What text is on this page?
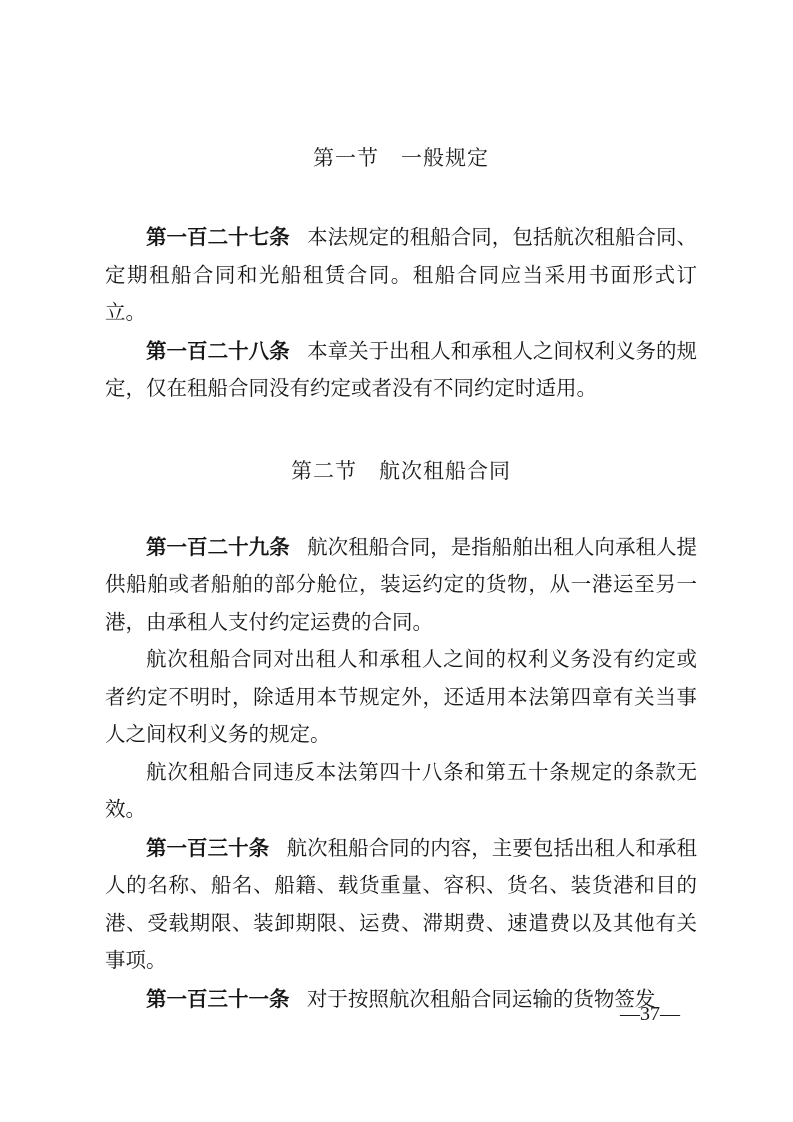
第一节　一般规定

第一百二十七条 本法规定的租船合同，包括航次租船合同、定期租船合同和光船租赁合同。租船合同应当采用书面形式订立。

第一百二十八条 本章关于出租人和承租人之间权利义务的规定，仅在租船合同没有约定或者没有不同约定时适用。

第二节　航次租船合同

第一百二十九条 航次租船合同，是指船舶出租人向承租人提供船舶或者船舶的部分舱位，装运约定的货物，从一港运至另一港，由承租人支付约定运费的合同。

航次租船合同对出租人和承租人之间的权利义务没有约定或者约定不明时，除适用本节规定外，还适用本法第四章有关当事人之间权利义务的规定。

航次租船合同违反本法第四十八条和第五十条规定的条款无效。

第一百三十条 航次租船合同的内容，主要包括出租人和承租人的名称、船名、船籍、载货重量、容积、货名、装货港和目的港、受载期限、装卸期限、运费、滞期费、速遣费以及其他有关事项。

第一百三十一条 对于按照航次租船合同运输的货物签发

—37—
